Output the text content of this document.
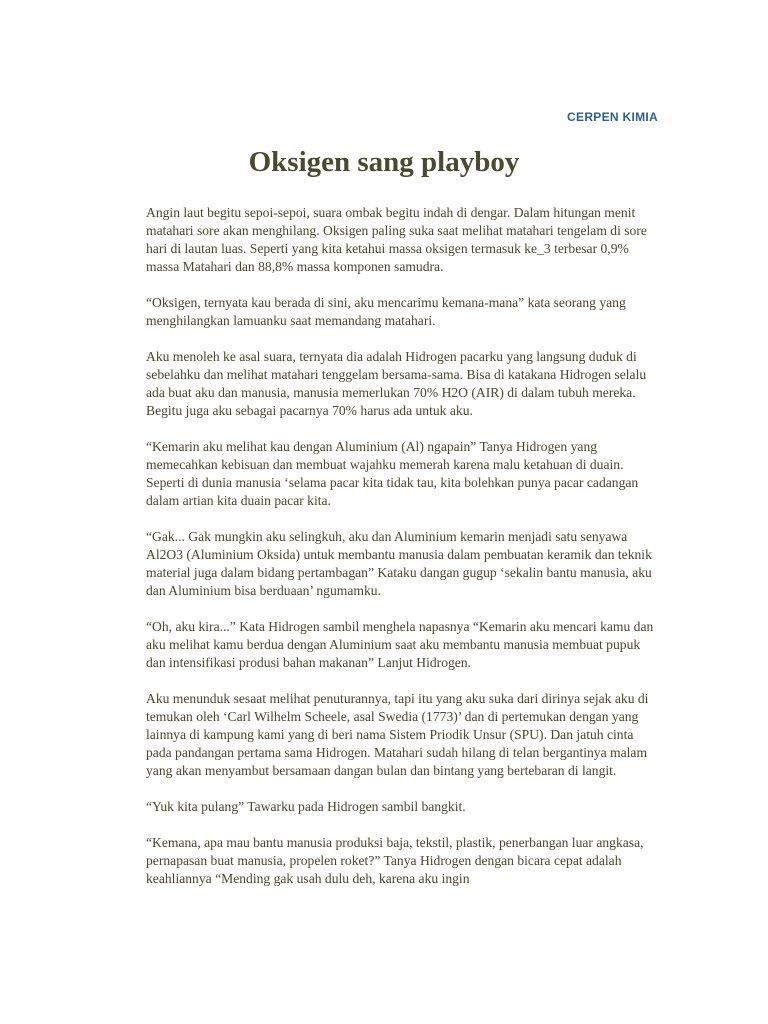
CERPEN KIMIA
Oksigen sang playboy

Angin laut begitu sepoi-sepoi, suara ombak begitu indah di dengar. Dalam hitungan menit matahari sore akan menghilang. Oksigen paling suka saat melihat matahari tengelam di sore hari di lautan luas. Seperti yang kita ketahui massa oksigen termasuk ke_3 terbesar 0,9% massa Matahari dan 88,8% massa komponen samudra.

“Oksigen, ternyata kau berada di sini, aku mencarimu kemana-mana” kata seorang yang menghilangkan lamuanku saat memandang matahari.

Aku menoleh ke asal suara, ternyata dia adalah Hidrogen pacarku yang langsung duduk di sebelahku dan melihat matahari tenggelam bersama-sama. Bisa di katakana Hidrogen selalu ada buat aku dan manusia, manusia memerlukan 70% H2O (AIR) di dalam tubuh mereka. Begitu juga aku sebagai pacarnya 70% harus ada untuk aku.

“Kemarin aku melihat kau dengan Aluminium (Al) ngapain” Tanya Hidrogen yang memecahkan kebisuan dan membuat wajahku memerah karena malu ketahuan di duain. Seperti di dunia manusia ‘selama pacar kita tidak tau, kita bolehkan punya pacar cadangan dalam artian kita duain pacar kita.

“Gak... Gak mungkin aku selingkuh, aku dan Aluminium kemarin menjadi satu senyawa Al2O3 (Aluminium Oksida) untuk membantu manusia dalam pembuatan keramik dan teknik material juga dalam bidang pertambagan” Kataku dangan gugup ‘sekalin bantu manusia, aku dan Aluminium bisa berduaan’ ngumamku.

“Oh, aku kira...” Kata Hidrogen sambil menghela napasnya “Kemarin aku mencari kamu dan aku melihat kamu berdua dengan Aluminium saat aku membantu manusia membuat pupuk dan intensifikasi produsi bahan makanan” Lanjut Hidrogen.

Aku menunduk sesaat melihat penuturannya, tapi itu yang aku suka dari dirinya sejak aku di temukan oleh ‘Carl Wilhelm Scheele, asal Swedia (1773)’ dan di pertemukan dengan yang lainnya di kampung kami yang di beri nama Sistem Priodik Unsur (SPU). Dan jatuh cinta pada pandangan pertama sama Hidrogen. Matahari sudah hilang di telan bergantinya malam yang akan menyambut bersamaan dangan bulan dan bintang yang bertebaran di langit.

“Yuk kita pulang” Tawarku pada Hidrogen sambil bangkit.

“Kemana, apa mau bantu manusia produksi baja, tekstil, plastik, penerbangan luar angkasa, pernapasan buat manusia, propelen roket?” Tanya Hidrogen dengan bicara cepat adalah keahliannya “Mending gak usah dulu deh, karena aku ingin
